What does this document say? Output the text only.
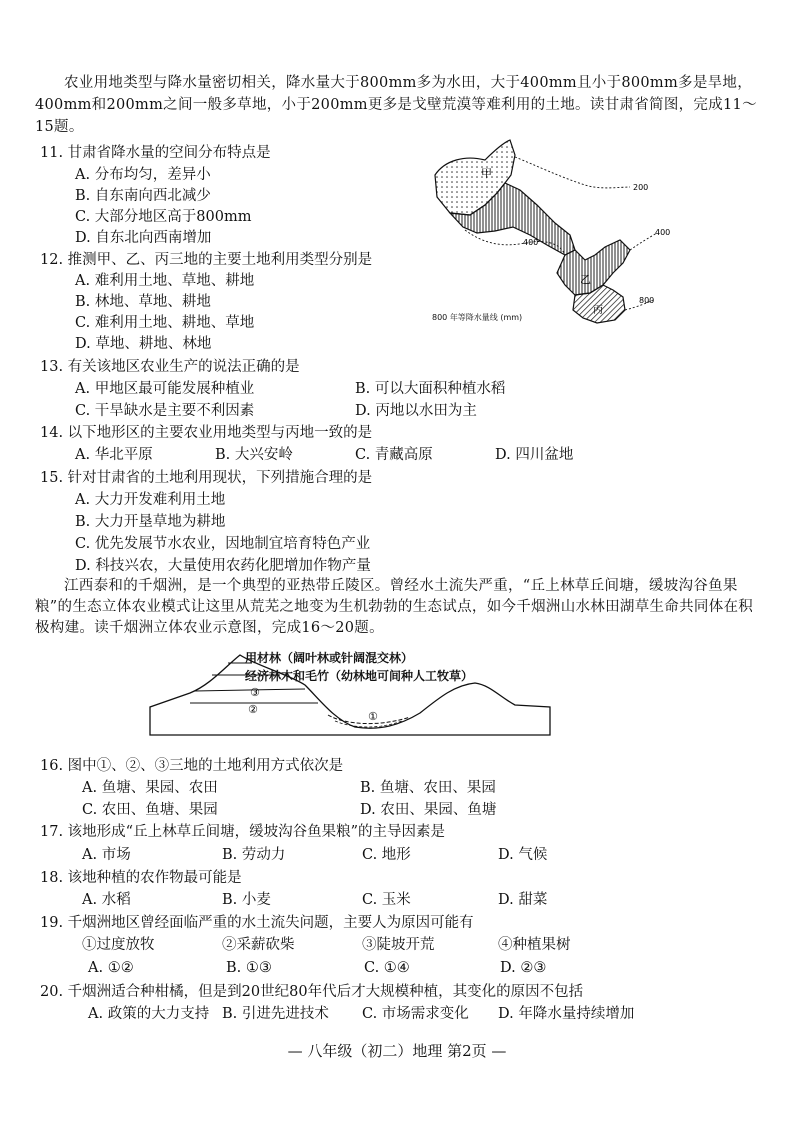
农业用地类型与降水量密切相关，降水量大于800mm多为水田，大于400mm且小于800mm多是旱地，400mm和200mm之间一般多草地，小于200mm更多是戈壁荒漠等难利用的土地。读甘肃省简图，完成11～15题。
甲
乙
丙
200
400
400
800
800 年等降水量线 (mm)
11. 甘肃省降水量的空间分布特点是
A. 分布均匀，差异小
B. 自东南向西北减少
C. 大部分地区高于800mm
D. 自东北向西南增加
12. 推测甲、乙、丙三地的主要土地利用类型分别是
A. 难利用土地、草地、耕地
B. 林地、草地、耕地
C. 难利用土地、耕地、草地
D. 草地、耕地、林地
13. 有关该地区农业生产的说法正确的是
A. 甲地区最可能发展种植业	B. 可以大面积种植水稻
C. 干旱缺水是主要不利因素	D. 丙地以水田为主
14. 以下地形区的主要农业用地类型与丙地一致的是
A. 华北平原	B. 大兴安岭	C. 青藏高原	D. 四川盆地
15. 针对甘肃省的土地利用现状，下列措施合理的是
A. 大力开发难利用土地
B. 大力开垦草地为耕地
C. 优先发展节水农业，因地制宜培育特色产业
D. 科技兴农，大量使用农药化肥增加作物产量
江西泰和的千烟洲，是一个典型的亚热带丘陵区。曾经水土流失严重，“丘上林草丘间塘，缓坡沟谷鱼果粮”的生态立体农业模式让这里从荒芜之地变为生机勃勃的生态试点，如今千烟洲山水林田湖草生命共同体在积极构建。读千烟洲立体农业示意图，完成16～20题。
③
②
①
用材林（阔叶林或针阔混交林）
经济林木和毛竹（幼林地可间种人工牧草）
16. 图中①、②、③三地的土地利用方式依次是
A. 鱼塘、果园、农田	B. 鱼塘、农田、果园
C. 农田、鱼塘、果园	D. 农田、果园、鱼塘
17. 该地形成“丘上林草丘间塘，缓坡沟谷鱼果粮”的主导因素是
A. 市场	B. 劳动力	C. 地形	D. 气候
18. 该地种植的农作物最可能是
A. 水稻	B. 小麦	C. 玉米	D. 甜菜
19. 千烟洲地区曾经面临严重的水土流失问题，主要人为原因可能有
①过度放牧	②采薪砍柴	③陡坡开荒	④种植果树
A. ①②	B. ①③	C. ①④	D. ②③
20. 千烟洲适合种柑橘，但是到20世纪80年代后才大规模种植，其变化的原因不包括
A. 政策的大力支持 B. 引进先进技术 C. 市场需求变化 D. 年降水量持续增加
— 八年级（初二）地理 第2页 —
